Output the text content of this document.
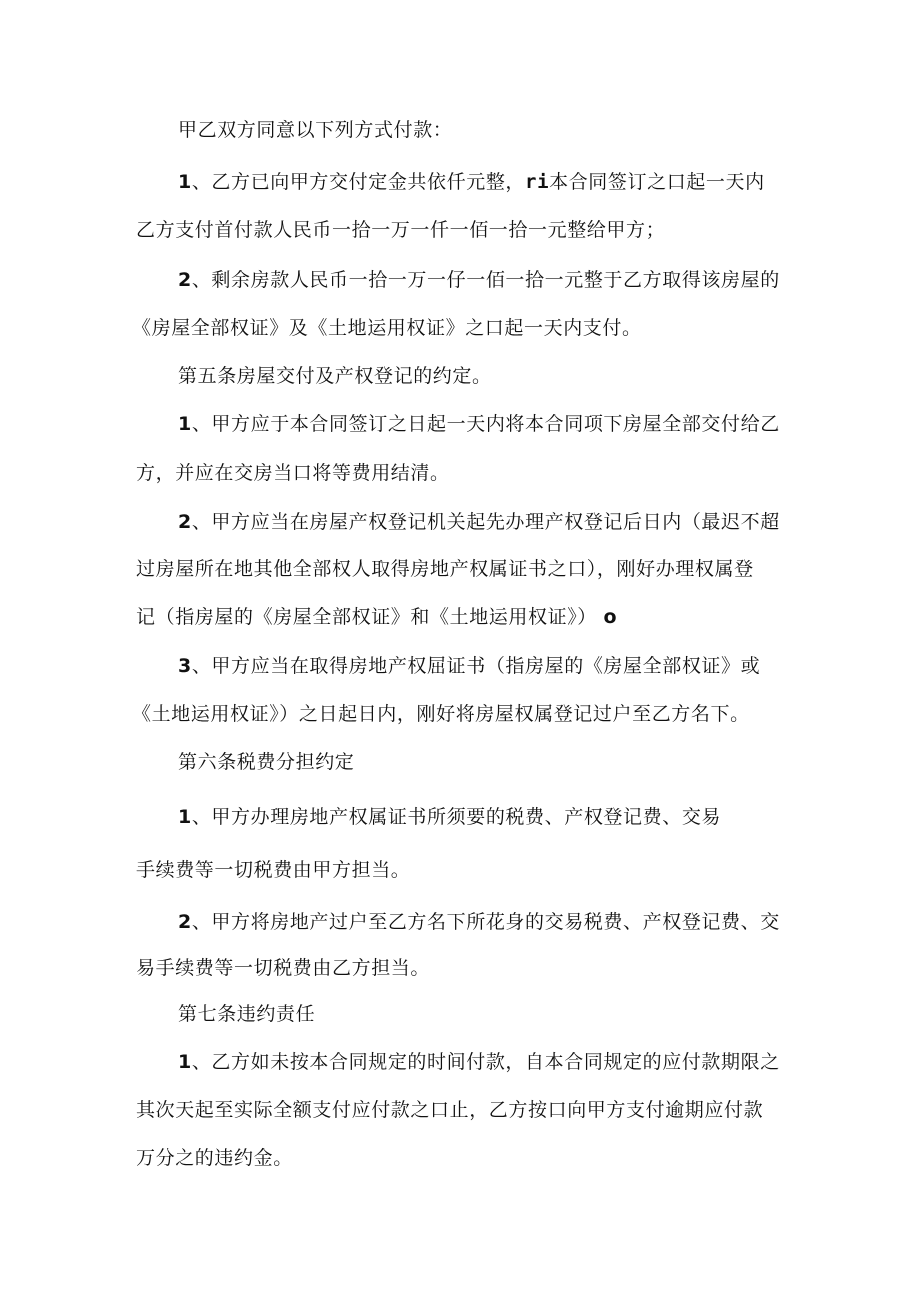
甲乙双方同意以下列方式付款：
1、乙方已向甲方交付定金共依仟元整，ri本合同签订之口起一天内
乙方支付首付款人民币一拾一万一仟一佰一拾一元整给甲方；
2、剩余房款人民币一拾一万一仔一佰一拾一元整于乙方取得该房屋的
《房屋全部权证》及《土地运用权证》之口起一天内支付。
第五条房屋交付及产权登记的约定。
1、甲方应于本合同签订之日起一天内将本合同项下房屋全部交付给乙
方，并应在交房当口将等费用结清。
2、甲方应当在房屋产权登记机关起先办理产权登记后日内（最迟不超
过房屋所在地其他全部权人取得房地产权属证书之口），刚好办理权属登
记（指房屋的《房屋全部权证》和《土地运用权证》） o
3、甲方应当在取得房地产权屈证书（指房屋的《房屋全部权证》或
《土地运用权证》）之日起日内，刚好将房屋权属登记过户至乙方名下。
第六条税费分担约定
1、甲方办理房地产权属证书所须要的税费、产权登记费、交易
手续费等一切税费由甲方担当。
2、甲方将房地产过户至乙方名下所花身的交易税费、产权登记费、交
易手续费等一切税费由乙方担当。
第七条违约责任
1、乙方如未按本合同规定的时间付款，自本合同规定的应付款期限之
其次天起至实际全额支付应付款之口止，乙方按口向甲方支付逾期应付款
万分之的违约金。
